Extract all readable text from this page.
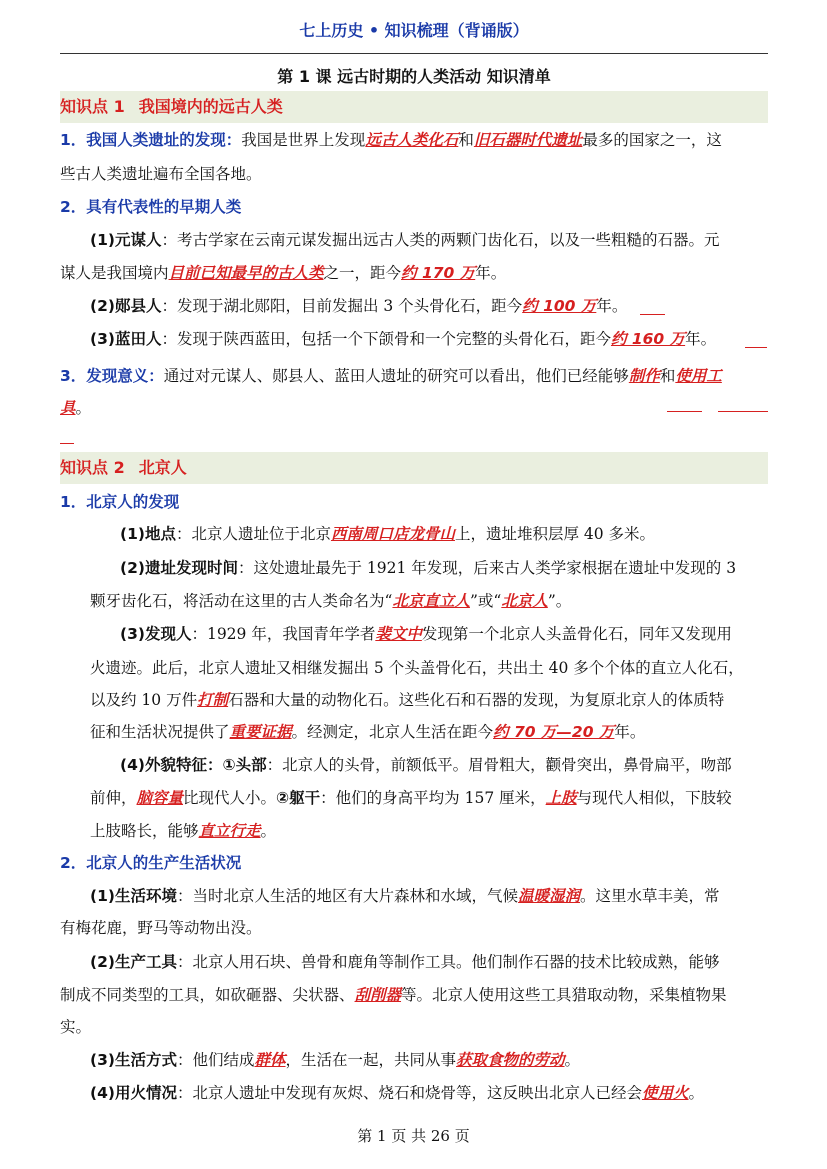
七上历史 • 知识梳理（背诵版）
第 1 课 远古时期的人类活动 知识清单
知识点 1 我国境内的远古人类
1．我国人类遗址的发现：我国是世界上发现远古人类化石和旧石器时代遗址最多的国家之一，这
些古人类遗址遍布全国各地。
2．具有代表性的早期人类
(1)元谋人：考古学家在云南元谋发掘出远古人类的两颗门齿化石，以及一些粗糙的石器。元
谋人是我国境内目前已知最早的古人类之一，距今约 170 万年。
(2)郧县人：发现于湖北郧阳，目前发掘出 3 个头骨化石，距今约 100 万年。
(3)蓝田人：发现于陕西蓝田，包括一个下颌骨和一个完整的头骨化石，距今约 160 万年。
3．发现意义：通过对元谋人、郧县人、蓝田人遗址的研究可以看出，他们已经能够制作和使用工
具。
知识点 2 北京人
1．北京人的发现
(1)地点：北京人遗址位于北京西南周口店龙骨山上，遗址堆积层厚 40 多米。
(2)遗址发现时间：这处遗址最先于 1921 年发现，后来古人类学家根据在遗址中发现的 3
颗牙齿化石，将活动在这里的古人类命名为“北京直立人”或“北京人”。
(3)发现人：1929 年，我国青年学者裴文中发现第一个北京人头盖骨化石，同年又发现用
火遗迹。此后，北京人遗址又相继发掘出 5 个头盖骨化石，共出土 40 多个个体的直立人化石，
以及约 10 万件打制石器和大量的动物化石。这些化石和石器的发现，为复原北京人的体质特
征和生活状况提供了重要证据。经测定，北京人生活在距今约 70 万—20 万年。
(4)外貌特征：①头部：北京人的头骨，前额低平。眉骨粗大，颧骨突出，鼻骨扁平，吻部
前伸，脑容量比现代人小。②躯干：他们的身高平均为 157 厘米，上肢与现代人相似，下肢较
上肢略长，能够直立行走。
2．北京人的生产生活状况
(1)生活环境：当时北京人生活的地区有大片森林和水域，气候温暖湿润。这里水草丰美，常
有梅花鹿，野马等动物出没。
(2)生产工具：北京人用石块、兽骨和鹿角等制作工具。他们制作石器的技术比较成熟，能够
制成不同类型的工具，如砍砸器、尖状器、刮削器等。北京人使用这些工具猎取动物，采集植物果
实。
(3)生活方式：他们结成群体，生活在一起，共同从事获取食物的劳动。
(4)用火情况：北京人遗址中发现有灰烬、烧石和烧骨等，这反映出北京人已经会使用火。
第 1 页 共 26 页
